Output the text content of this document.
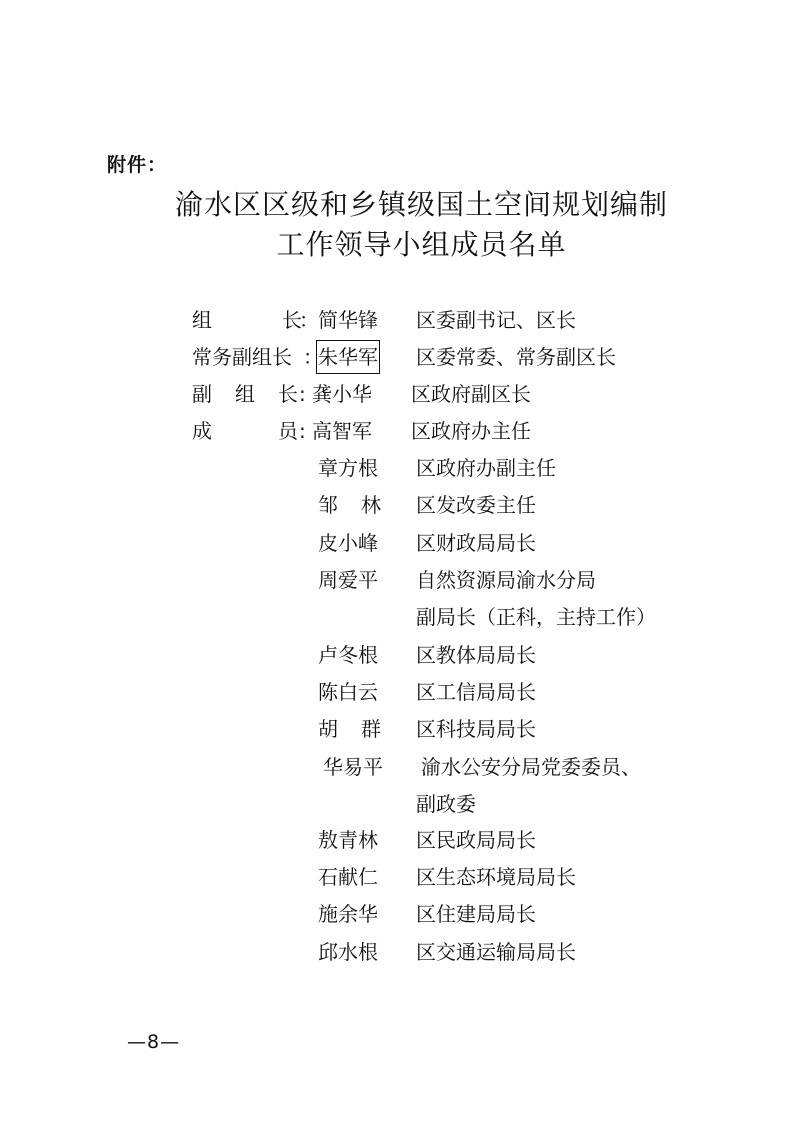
附件：
渝水区区级和乡镇级国土空间规划编制
工作领导小组成员名单
组	长
： 简华锋 区委副书记、区长
常务副组长 ：
朱华军 区委常委、常务副区长
副 组 长 : 龚小华 区政府副区长
成	员 : 高智军 区政府办主任
章方根 区政府办副主任
邹林 区发改委主任
皮小峰 区财政局局长
周爱平 自然资源局渝水分局
副局长（正科，主持工作）
卢冬根 区教体局局长
陈白云 区工信局局长
胡群 区科技局局长
华易平 渝水公安分局党委委员、
副政委
敖青林 区民政局局长
石献仁 区生态环境局局长
施余华 区住建局局长
邱水根 区交通运输局局长
—8—
